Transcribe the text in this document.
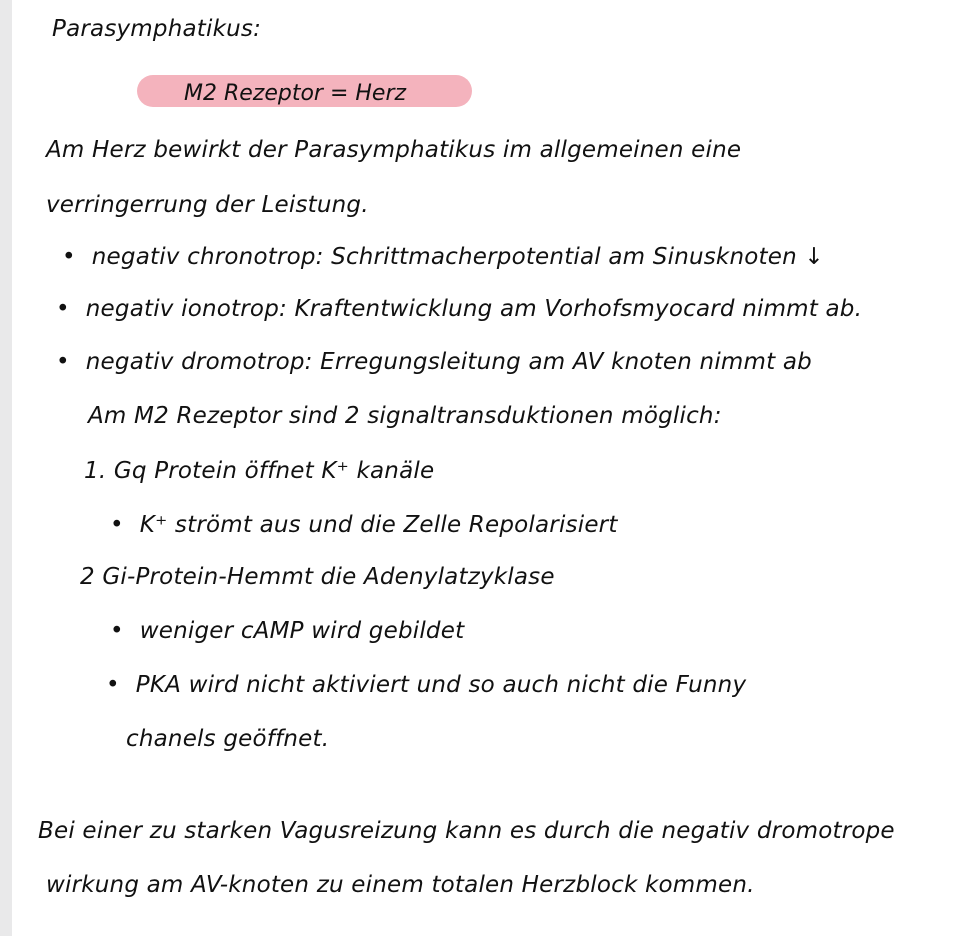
Parasymphatikus:
M2 Rezeptor = Herz
Am Herz bewirkt der Parasymphatikus im allgemeinen eine
verringerrung der Leistung.
• negativ chronotrop: Schrittmacherpotential am Sinusknoten ↓
• negativ ionotrop: Kraftentwicklung am Vorhofsmyocard nimmt ab.
• negativ dromotrop: Erregungsleitung am AV knoten nimmt ab
Am M2 Rezeptor sind 2 signaltransduktionen möglich:
1. Gq Protein öffnet K⁺ kanäle
• K⁺ strömt aus und die Zelle Repolarisiert
2 Gi-Protein-Hemmt die Adenylatzyklase
• weniger cAMP wird gebildet
• PKA wird nicht aktiviert und so auch nicht die Funny
chanels geöffnet.
Bei einer zu starken Vagusreizung kann es durch die negativ dromotrope
wirkung am AV-knoten zu einem totalen Herzblock kommen.
